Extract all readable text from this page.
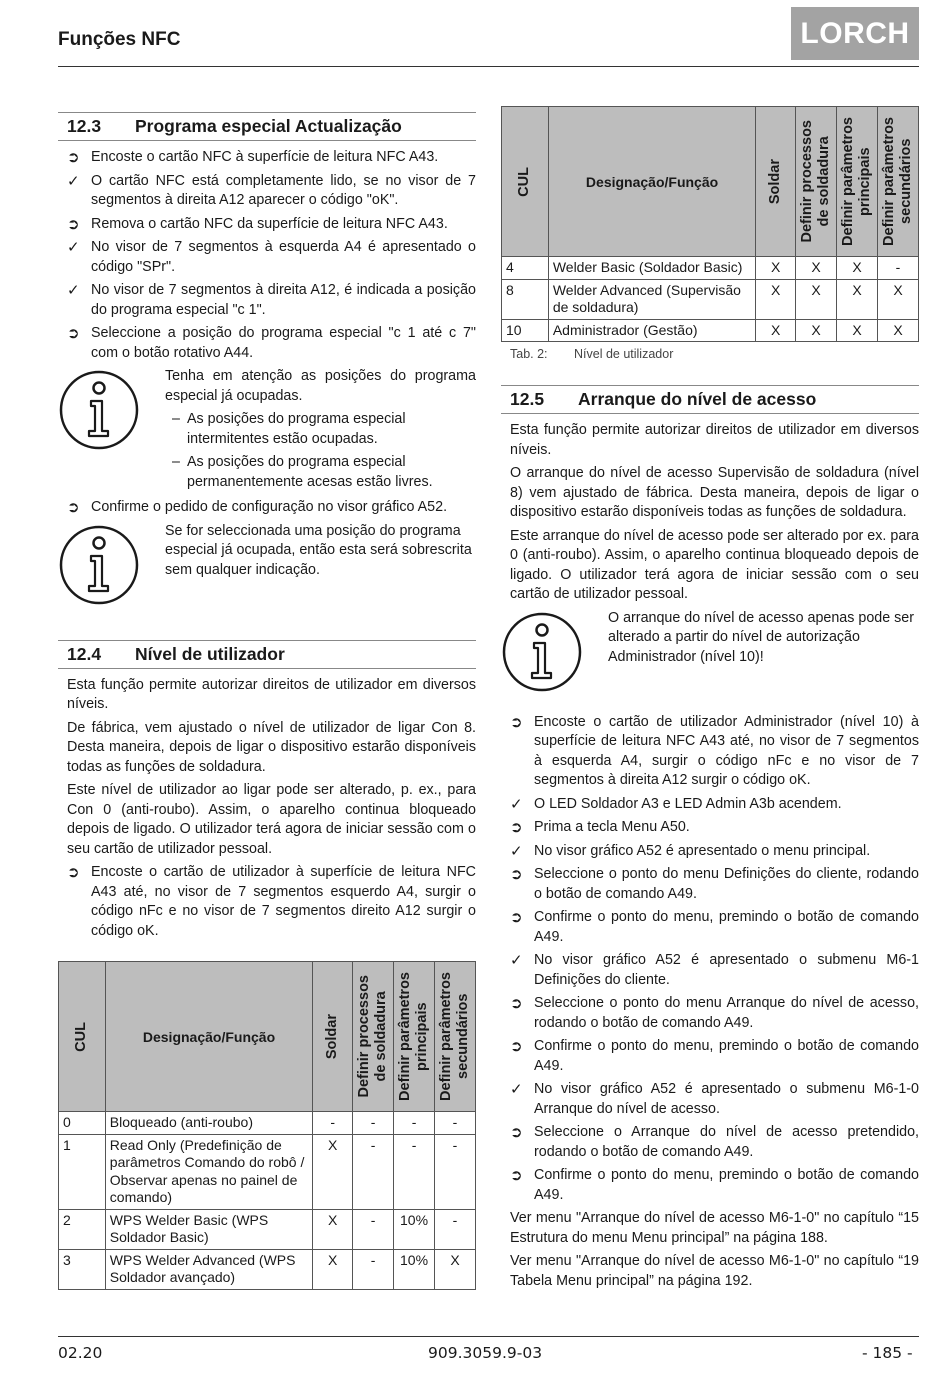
Funções NFC	LORCH
12.3	Programa especial Actualização
➲ Encoste o cartão NFC à superfície de leitura NFC A43.
✓ O cartão NFC está completamente lido, se no visor de 7 segmentos à direita A12 aparecer o código "oK".
➲ Remova o cartão NFC da superfície de leitura NFC A43.
✓ No visor de 7 segmentos à esquerda A4 é apresentado o código "SPr".
✓ No visor de 7 segmentos à direita A12, é indicada a posição do programa especial "c 1".
➲ Seleccione a posição do programa especial "c 1 até c 7" com o botão rotativo A44.
Tenha em atenção as posições do programa especial já ocupadas.
– As posições do programa especial intermitentes estão ocupadas.
– As posições do programa especial permanentemente acesas estão livres.
➲ Confirme o pedido de configuração no visor gráfico A52.
Se for seleccionada uma posição do programa especial já ocupada, então esta será sobrescrita sem qualquer indicação.
12.4	Nível de utilizador

Esta função permite autorizar direitos de utilizador em diversos níveis.

De fábrica, vem ajustado o nível de utilizador de ligar Con 8. Desta maneira, depois de ligar o dispositivo estarão disponíveis todas as funções de soldadura.

Este nível de utilizador ao ligar pode ser alterado, p. ex., para Con 0 (anti-roubo). Assim, o aparelho continua bloqueado depois de ligado. O utilizador terá agora de iniciar sessão com o seu cartão de utilizador pessoal.

➲ Encoste o cartão de utilizador à superfície de leitura NFC A43 até, no visor de 7 segmentos esquerdo A4, surgir o código nFc e no visor de 7 segmentos direito A12 surgir o código oK.
CUL	Designação/Função	Soldar	Definir processos
de soldadura	Definir parâmetros
principais	Definir parâmetros
secundários

0	Bloqueado (anti-roubo)	-	-	-	-
1	Read Only (Predefinição de parâmetros Comando do robô / Observar apenas no painel de comando)	X	-	-	-
2	WPS Welder Basic (WPS Soldador Basic)	X	-	10%	-
3	WPS Welder Advanced (WPS Soldador avançado)	X	-	10%	X
CUL	Designação/Função	Soldar	Definir processos
de soldadura	Definir parâmetros
principais	Definir parâmetros
secundários

4	Welder Basic (Soldador Basic)	X	X	X	-
8	Welder Advanced (Supervisão de soldadura)	X	X	X	X
10	Administrador (Gestão)	X	X	X	X
Tab. 2:	Nível de utilizador
12.5	Arranque do nível de acesso

Esta função permite autorizar direitos de utilizador em diversos níveis.

O arranque do nível de acesso Supervisão de soldadura (nível 8) vem ajustado de fábrica. Desta maneira, depois de ligar o dispositivo estarão disponíveis todas as funções de soldadura.

Este arranque do nível de acesso pode ser alterado por ex. para 0 (anti-roubo). Assim, o aparelho continua bloqueado depois de ligado. O utilizador terá agora de iniciar sessão com o seu cartão de utilizador pessoal.

O arranque do nível de acesso apenas pode ser alterado a partir do nível de autorização Administrador (nível 10)!
➲ Encoste o cartão de utilizador Administrador (nível 10) à superfície de leitura NFC A43 até, no visor de 7 segmentos à esquerda A4, surgir o código nFc e no visor de 7 segmentos à direita A12 surgir o código oK.
✓ O LED Soldador A3 e LED Admin A3b acendem.
➲ Prima a tecla Menu A50.
✓ No visor gráfico A52 é apresentado o menu principal.
➲ Seleccione o ponto do menu Definições do cliente, rodando o botão de comando A49.
➲ Confirme o ponto do menu, premindo o botão de comando A49.
✓ No visor gráfico A52 é apresentado o submenu M6-1 Definições do cliente.
➲ Seleccione o ponto do menu Arranque do nível de acesso, rodando o botão de comando A49.
➲ Confirme o ponto do menu, premindo o botão de comando A49.
✓ No visor gráfico A52 é apresentado o submenu M6-1-0 Arranque do nível de acesso.
➲ Seleccione o Arranque do nível de acesso pretendido, rodando o botão de comando A49.
➲ Confirme o ponto do menu, premindo o botão de comando A49.

Ver menu "Arranque do nível de acesso M6-1-0" no capítulo “15 Estrutura do menu Menu principal” na página 188.

Ver menu "Arranque do nível de acesso M6-1-0" no capítulo “19 Tabela Menu principal” na página 192.

02.20	909.3059.9-03	- 185 -
